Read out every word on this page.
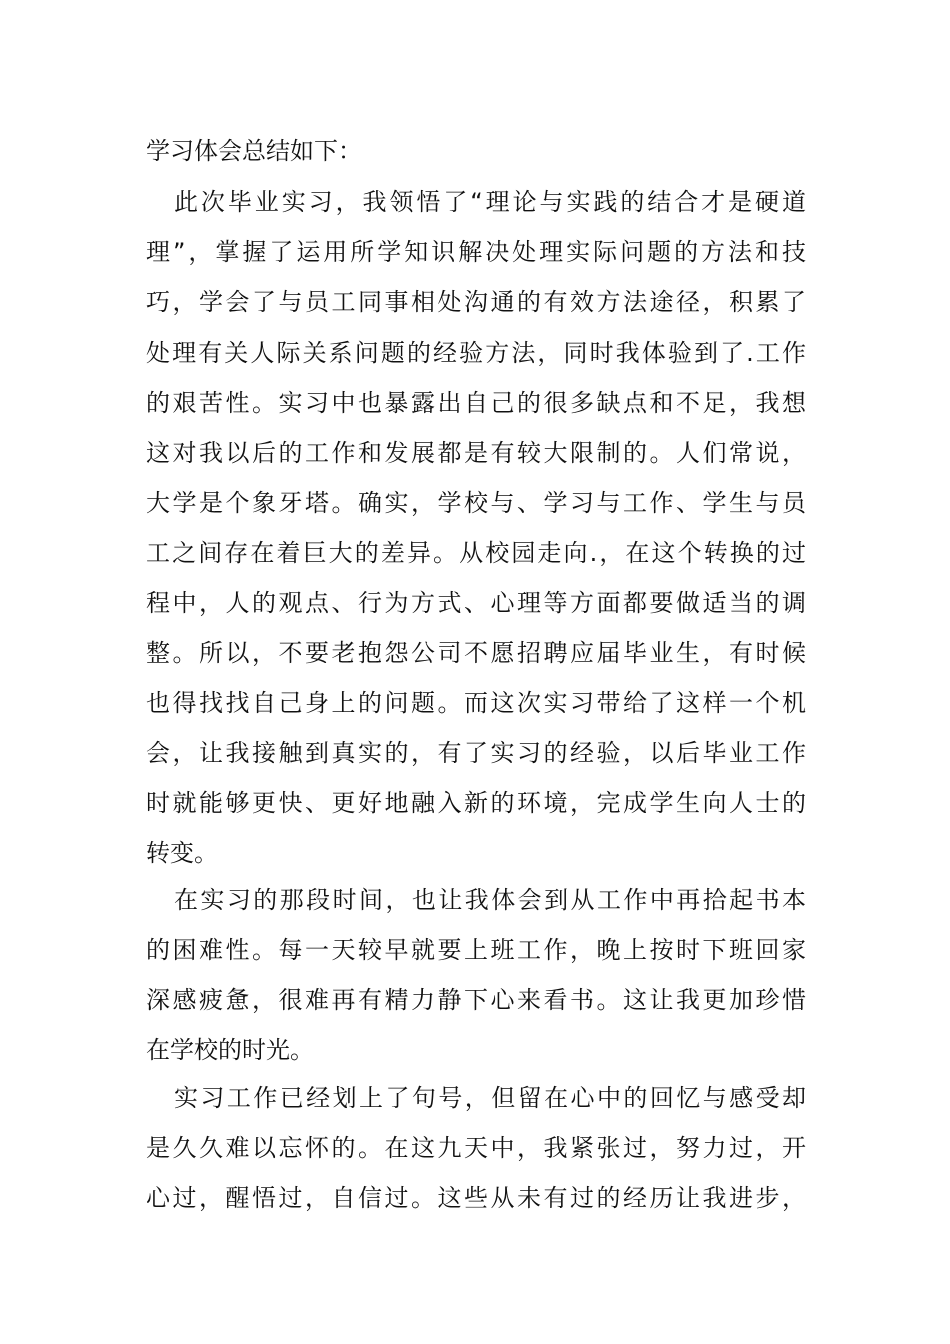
学习体会总结如下：
此次毕业实习，我领悟了“理论与实践的结合才是硬道
理”，掌握了运用所学知识解决处理实际问题的方法和技
巧，学会了与员工同事相处沟通的有效方法途径，积累了
处理有关人际关系问题的经验方法，同时我体验到了.工作
的艰苦性。实习中也暴露出自己的很多缺点和不足，我想
这对我以后的工作和发展都是有较大限制的。人们常说，
大学是个象牙塔。确实，学校与、学习与工作、学生与员
工之间存在着巨大的差异。从校园走向.，在这个转换的过
程中，人的观点、行为方式、心理等方面都要做适当的调
整。所以，不要老抱怨公司不愿招聘应届毕业生，有时候
也得找找自己身上的问题。而这次实习带给了这样一个机
会，让我接触到真实的，有了实习的经验，以后毕业工作
时就能够更快、更好地融入新的环境，完成学生向人士的
转变。
在实习的那段时间，也让我体会到从工作中再拾起书本
的困难性。每一天较早就要上班工作，晚上按时下班回家
深感疲惫，很难再有精力静下心来看书。这让我更加珍惜
在学校的时光。
实习工作已经划上了句号，但留在心中的回忆与感受却
是久久难以忘怀的。在这九天中，我紧张过，努力过，开
心过，醒悟过，自信过。这些从未有过的经历让我进步，
